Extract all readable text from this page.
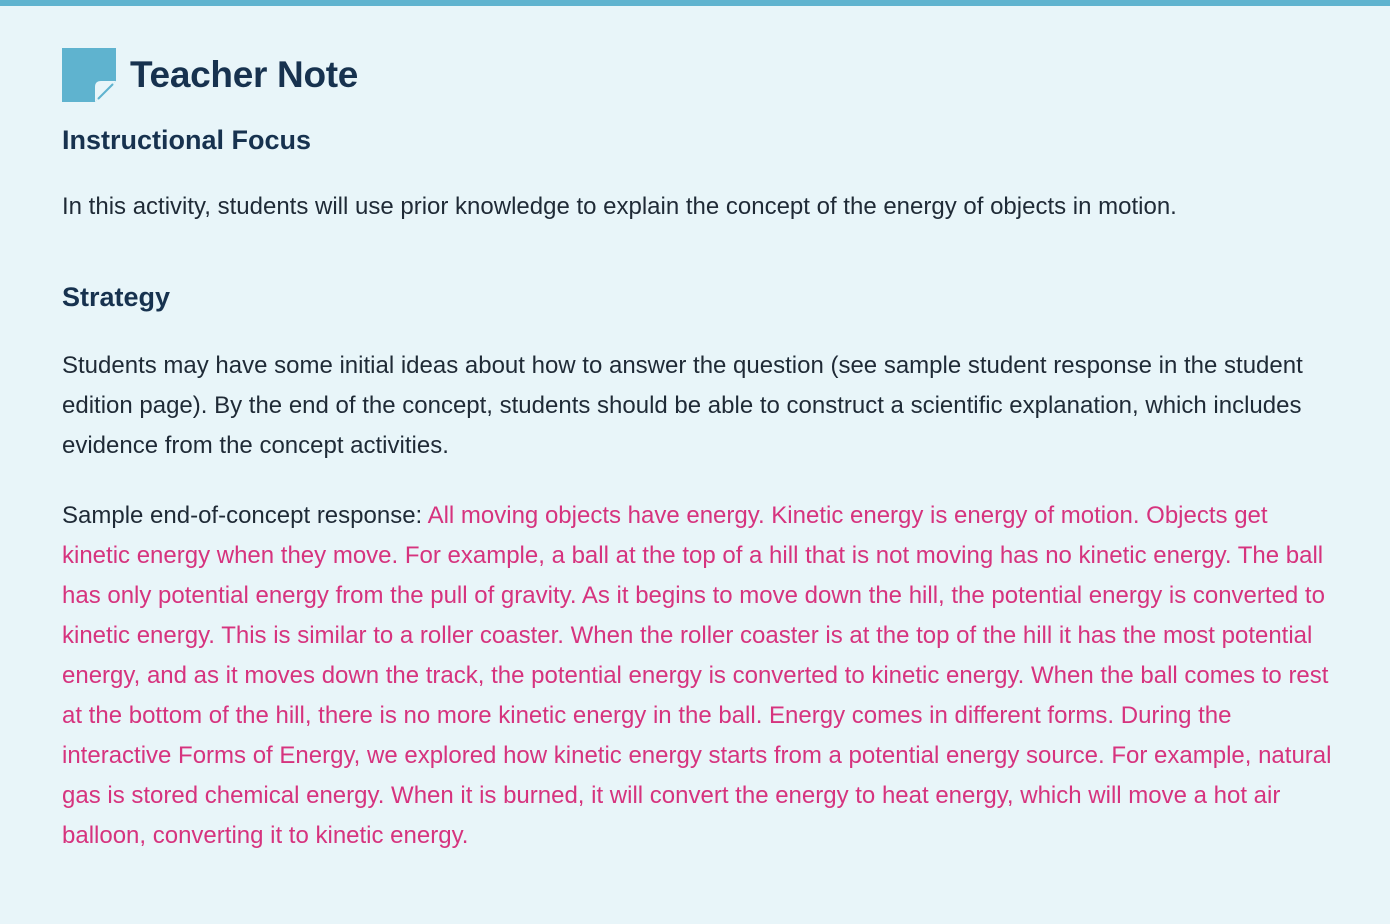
Teacher Note
Instructional Focus

In this activity, students will use prior knowledge to explain the concept of the energy of objects in motion.

Strategy

Students may have some initial ideas about how to answer the question (see sample student response in the student edition page). By the end of the concept, students should be able to construct a scientific explanation, which includes evidence from the concept activities.

Sample end-of-concept response: All moving objects have energy. Kinetic energy is energy of motion. Objects get kinetic energy when they move. For example, a ball at the top of a hill that is not moving has no kinetic energy. The ball has only potential energy from the pull of gravity. As it begins to move down the hill, the potential energy is converted to kinetic energy. This is similar to a roller coaster. When the roller coaster is at the top of the hill it has the most potential energy, and as it moves down the track, the potential energy is converted to kinetic energy. When the ball comes to rest at the bottom of the hill, there is no more kinetic energy in the ball. Energy comes in different forms. During the interactive Forms of Energy, we explored how kinetic energy starts from a potential energy source. For example, natural gas is stored chemical energy. When it is burned, it will convert the energy to heat energy, which will move a hot air balloon, converting it to kinetic energy.
